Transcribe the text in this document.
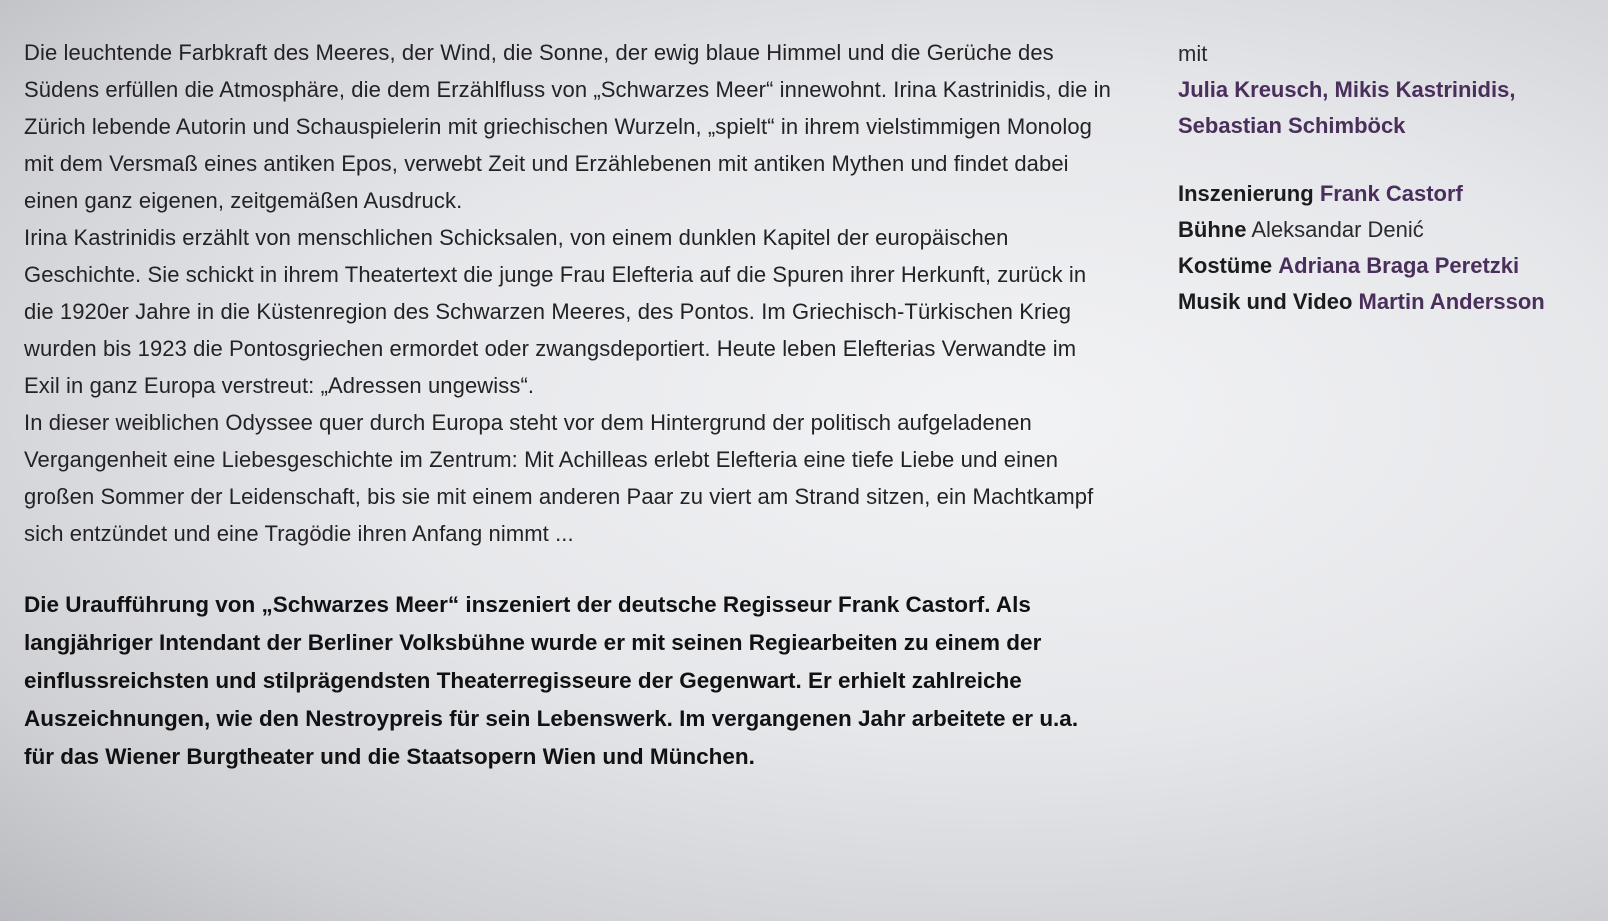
Die leuchtende Farbkraft des Meeres, der Wind, die Sonne, der ewig blaue Himmel und die Gerüche des Südens erfüllen die Atmosphäre, die dem Erzählfluss von „Schwarzes Meer“ innewohnt. Irina Kastrinidis, die in Zürich lebende Autorin und Schauspielerin mit griechischen Wurzeln, „spielt“ in ihrem vielstimmigen Monolog mit dem Versmaß eines antiken Epos, verwebt Zeit und Erzählebenen mit antiken Mythen und findet dabei einen ganz eigenen, zeitgemäßen Ausdruck.

Irina Kastrinidis erzählt von menschlichen Schicksalen, von einem dunklen Kapitel der europäischen Geschichte. Sie schickt in ihrem Theatertext die junge Frau Elefteria auf die Spuren ihrer Herkunft, zurück in die 1920er Jahre in die Küstenregion des Schwarzen Meeres, des Pontos. Im Griechisch-Türkischen Krieg wurden bis 1923 die Pontosgriechen ermordet oder zwangsdeportiert. Heute leben Elefterias Verwandte im Exil in ganz Europa verstreut: „Adressen ungewiss“.

In dieser weiblichen Odyssee quer durch Europa steht vor dem Hintergrund der politisch aufgeladenen Vergangenheit eine Liebesgeschichte im Zentrum: Mit Achilleas erlebt Elefteria eine tiefe Liebe und einen großen Sommer der Leidenschaft, bis sie mit einem anderen Paar zu viert am Strand sitzen, ein Machtkampf sich entzündet und eine Tragödie ihren Anfang nimmt ...

Die Uraufführung von „Schwarzes Meer“ inszeniert der deutsche Regisseur Frank Castorf. Als langjähriger Intendant der Berliner Volksbühne wurde er mit seinen Regiearbeiten zu einem der einflussreichsten und stilprägendsten Theaterregisseure der Gegenwart. Er erhielt zahlreiche Auszeichnungen, wie den Nestroypreis für sein Lebenswerk. Im vergangenen Jahr arbeitete er u.a. für das Wiener Burgtheater und die Staatsopern Wien und München.

mit

Julia Kreusch, Mikis Kastrinidis,

Sebastian Schimböck

Inszenierung Frank Castorf

Bühne Aleksandar Denić

Kostüme Adriana Braga Peretzki

Musik und Video Martin Andersson
